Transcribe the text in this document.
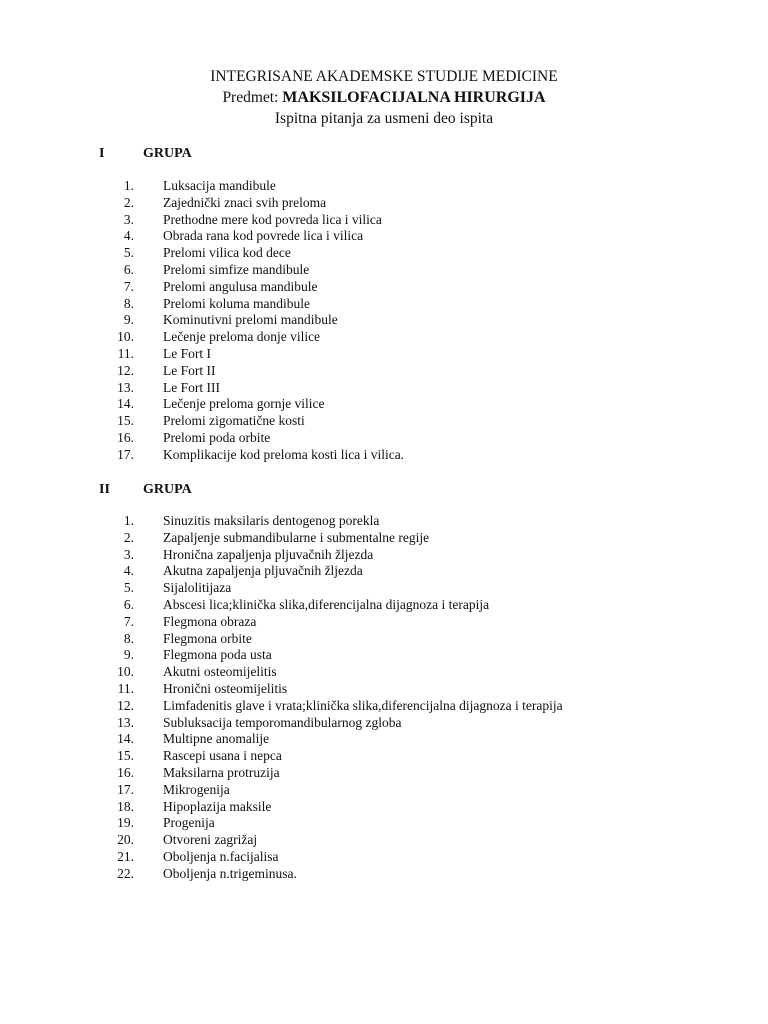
INTEGRISANE AKADEMSKE STUDIJE MEDICINE
Predmet: MAKSILOFACIJALNA HIRURGIJA
Ispitna pitanja za usmeni deo ispita
I	GRUPA
1. Luksacija mandibule
2. Zajednički znaci svih preloma
3. Prethodne mere kod povreda lica i vilica
4. Obrada rana kod povrede lica i vilica
5. Prelomi vilica kod dece
6. Prelomi simfize mandibule
7. Prelomi angulusa mandibule
8. Prelomi koluma mandibule
9. Kominutivni prelomi mandibule
10. Lečenje preloma donje vilice
11. Le Fort I
12. Le Fort II
13. Le Fort III
14. Lečenje preloma gornje vilice
15. Prelomi zigomatične kosti
16. Prelomi poda orbite
17. Komplikacije kod preloma kosti lica i vilica.
II GRUPA
1. Sinuzitis maksilaris dentogenog porekla
2. Zapaljenje submandibularne i submentalne regije
3. Hronična zapaljenja pljuvačnih žljezda
4. Akutna zapaljenja pljuvačnih žljezda
5. Sijalolitijaza
6. Abscesi lica;klinička slika,diferencijalna dijagnoza i terapija
7. Flegmona obraza
8. Flegmona orbite
9. Flegmona poda usta
10. Akutni osteomijelitis
11. Hronični osteomijelitis
12. Limfadenitis glave i vrata;klinička slika,diferencijalna dijagnoza i terapija
13. Subluksacija temporomandibularnog zgloba
14. Multipne anomalije
15. Rascepi usana i nepca
16. Maksilarna protruzija
17. Mikrogenija
18. Hipoplazija maksile
19. Progenija
20. Otvoreni zagrižaj
21. Oboljenja n.facijalisa
22. Oboljenja n.trigeminusa.
